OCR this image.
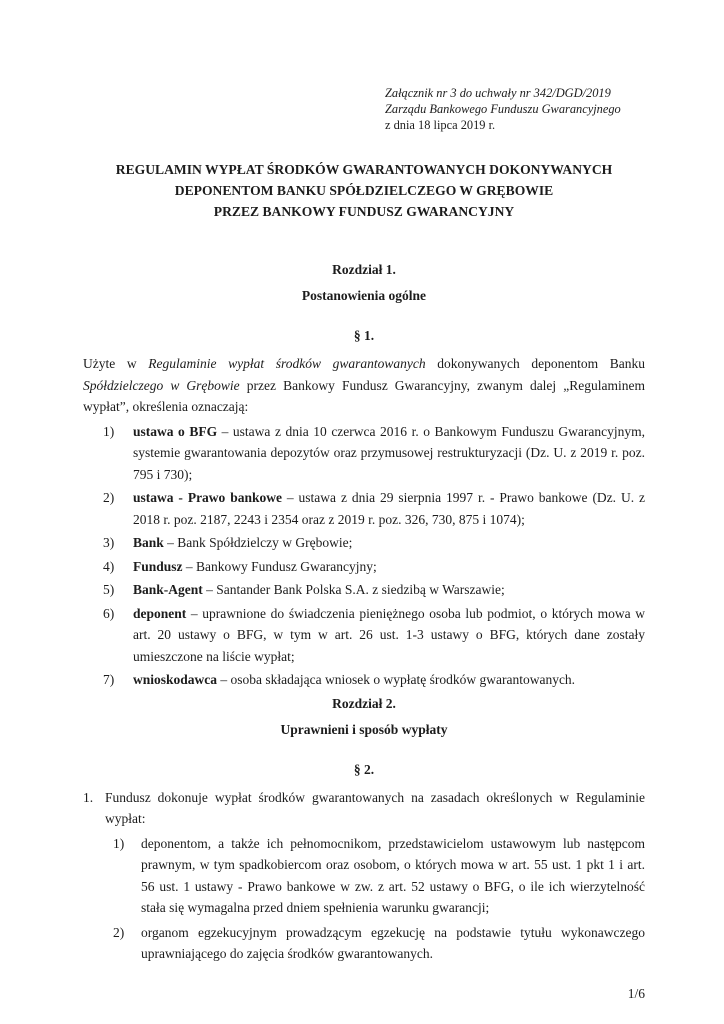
Załącznik nr 3 do uchwały nr 342/DGD/2019
Zarządu Bankowego Funduszu Gwarancyjnego
z dnia 18 lipca 2019 r.
REGULAMIN WYPŁAT ŚRODKÓW GWARANTOWANYCH DOKONYWANYCH
DEPONENTOM BANKU SPÓŁDZIELCZEGO W GRĘBOWIE
PRZEZ BANKOWY FUNDUSZ GWARANCYJNY
Rozdział 1.
Postanowienia ogólne
§ 1.
Użyte w Regulaminie wypłat środków gwarantowanych dokonywanych deponentom Banku Spółdzielczego w Grębowie przez Bankowy Fundusz Gwarancyjny, zwanym dalej „Regulaminem wypłat”, określenia oznaczają:
1)	ustawa o BFG – ustawa z dnia 10 czerwca 2016 r. o Bankowym Funduszu Gwarancyjnym, systemie gwarantowania depozytów oraz przymusowej restrukturyzacji (Dz. U. z 2019 r. poz. 795 i 730);
2)	ustawa - Prawo bankowe – ustawa z dnia 29 sierpnia 1997 r. - Prawo bankowe (Dz. U. z 2018 r. poz. 2187, 2243 i 2354 oraz z 2019 r. poz. 326, 730, 875 i 1074);
3)	Bank – Bank Spółdzielczy w Grębowie;
4)	Fundusz – Bankowy Fundusz Gwarancyjny;
5)	Bank-Agent – Santander Bank Polska S.A. z siedzibą w Warszawie;
6)	deponent – uprawnione do świadczenia pieniężnego osoba lub podmiot, o których mowa w art. 20 ustawy o BFG, w tym w art. 26 ust. 1-3 ustawy o BFG, których dane zostały umieszczone na liście wypłat;
7)	wnioskodawca – osoba składająca wniosek o wypłatę środków gwarantowanych.
Rozdział 2.
Uprawnieni i sposób wypłaty
§ 2.
1. Fundusz dokonuje wypłat środków gwarantowanych na zasadach określonych w Regulaminie wypłat:
1)	deponentom, a także ich pełnomocnikom, przedstawicielom ustawowym lub następcom prawnym, w tym spadkobiercom oraz osobom, o których mowa w art. 55 ust. 1 pkt 1 i art. 56 ust. 1 ustawy - Prawo bankowe w zw. z art. 52 ustawy o BFG, o ile ich wierzytelność stała się wymagalna przed dniem spełnienia warunku gwarancji;
2)	organom egzekucyjnym prowadzącym egzekucję na podstawie tytułu wykonawczego uprawniającego do zajęcia środków gwarantowanych.
1/6
